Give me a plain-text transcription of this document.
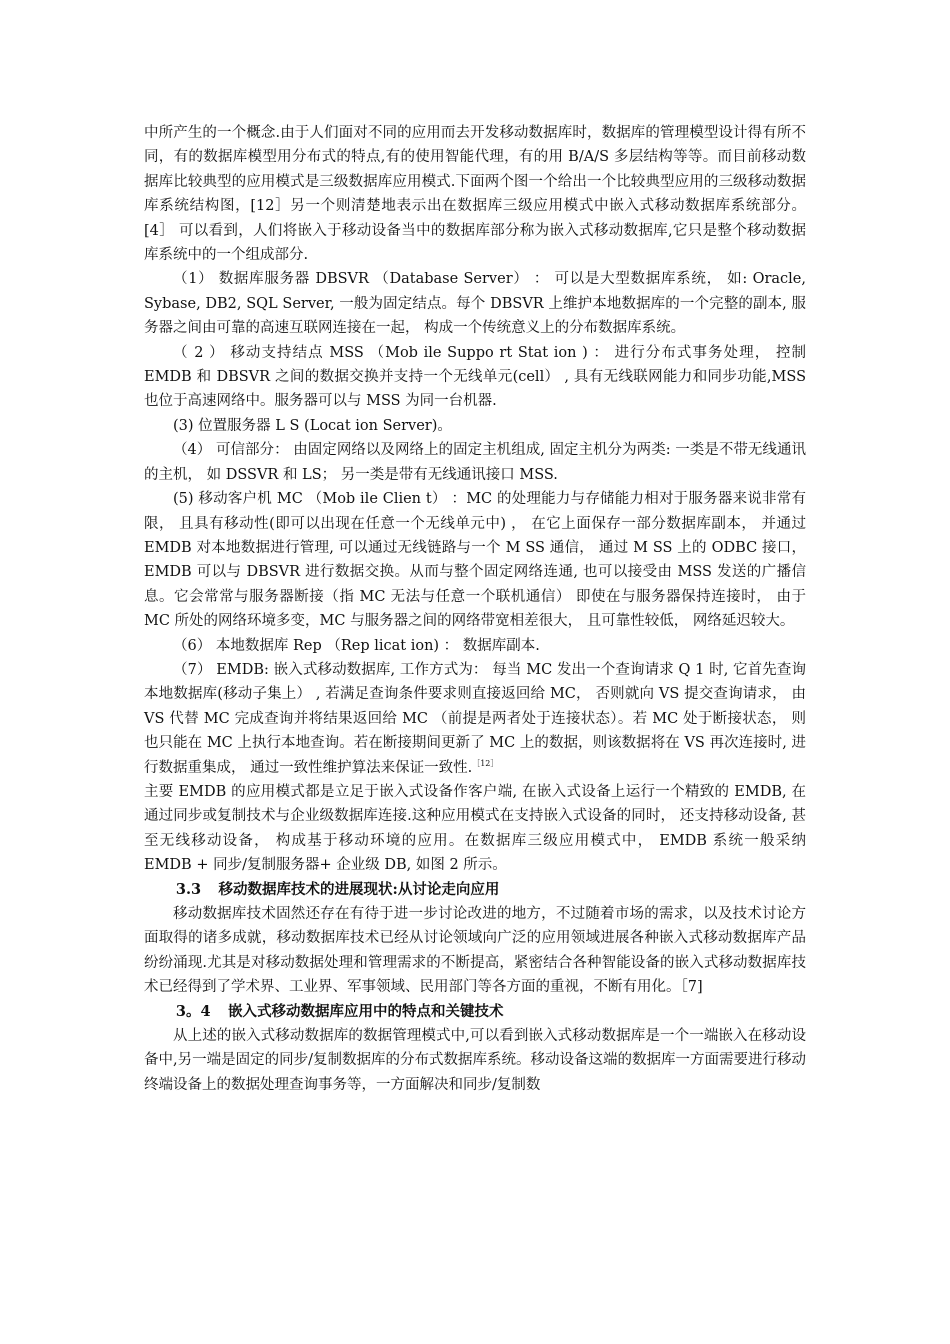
中所产生的一个概念.由于人们面对不同的应用而去开发移动数据库时，数据库的管理模型设计得有所不同，有的数据库模型用分布式的特点,有的使用智能代理，有的用 B/A/S 多层结构等等。而目前移动数据库比较典型的应用模式是三级数据库应用模式.下面两个图一个给出一个比较典型应用的三级移动数据库系统结构图，[12］另一个则清楚地表示出在数据库三级应用模式中嵌入式移动数据库系统部分。[4］ 可以看到，人们将嵌入于移动设备当中的数据库部分称为嵌入式移动数据库,它只是整个移动数据库系统中的一个组成部分.

（1） 数据库服务器 DBSVR （Database Server） ： 可以是大型数据库系统， 如: Oracle, Sybase, DB2, SQL Server, 一般为固定结点。每个 DBSVR 上维护本地数据库的一个完整的副本, 服务器之间由可靠的高速互联网连接在一起， 构成一个传统意义上的分布数据库系统。

（ 2 ） 移动支持结点 MSS （Mob ile Suppo rt Stat ion ) ： 进行分布式事务处理， 控制 EMDB 和 DBSVR 之间的数据交换并支持一个无线单元(cell） , 具有无线联网能力和同步功能,MSS 也位于高速网络中。服务器可以与 MSS 为同一台机器.

(3) 位置服务器 L S (Locat ion Server)。

（4） 可信部分： 由固定网络以及网络上的固定主机组成, 固定主机分为两类: 一类是不带无线通讯的主机， 如 DSSVR 和 LS； 另一类是带有无线通讯接口 MSS.

(5) 移动客户机 MC （Mob ile Clien t） ：MC 的处理能力与存储能力相对于服务器来说非常有限， 且具有移动性(即可以出现在任意一个无线单元中) ， 在它上面保存一部分数据库副本， 并通过 EMDB 对本地数据进行管理, 可以通过无线链路与一个 M SS 通信， 通过 M SS 上的 ODBC 接口， EMDB 可以与 DBSVR 进行数据交换。从而与整个固定网络连通, 也可以接受由 MSS 发送的广播信息。它会常常与服务器断接（指 MC 无法与任意一个联机通信） 即使在与服务器保持连接时， 由于 MC 所处的网络环境多变，MC 与服务器之间的网络带宽相差很大， 且可靠性较低， 网络延迟较大。

（6） 本地数据库 Rep （Rep licat ion) ： 数据库副本.

（7） EMDB: 嵌入式移动数据库, 工作方式为： 每当 MC 发出一个查询请求 Q 1 时, 它首先查询本地数据库(移动子集上） , 若满足查询条件要求则直接返回给 MC， 否则就向 VS 提交查询请求， 由 VS 代替 MC 完成查询并将结果返回给 MC （前提是两者处于连接状态）。若 MC 处于断接状态， 则也只能在 MC 上执行本地查询。若在断接期间更新了 MC 上的数据，则该数据将在 VS 再次连接时, 进行数据重集成， 通过一致性维护算法来保证一致性.$^{[12]}$

主要 EMDB 的应用模式都是立足于嵌入式设备作客户端, 在嵌入式设备上运行一个精致的 EMDB, 在通过同步或复制技术与企业级数据库连接.这种应用模式在支持嵌入式设备的同时， 还支持移动设备, 甚至无线移动设备， 构成基于移动环境的应用。在数据库三级应用模式中， EMDB 系统一般采纳 EMDB + 同步/复制服务器+ 企业级 DB, 如图 2 所示。

3.3 移动数据库技术的进展现状:从讨论走向应用

移动数据库技术固然还存在有待于进一步讨论改进的地方，不过随着市场的需求，以及技术讨论方面取得的诸多成就，移动数据库技术已经从讨论领域向广泛的应用领域进展各种嵌入式移动数据库产品纷纷涌现.尤其是对移动数据处理和管理需求的不断提高，紧密结合各种智能设备的嵌入式移动数据库技术已经得到了学术界、工业界、军事领域、民用部门等各方面的重视，不断有用化。［7]

3。4 嵌入式移动数据库应用中的特点和关键技术

从上述的嵌入式移动数据库的数据管理模式中,可以看到嵌入式移动数据库是一个一端嵌入在移动设备中,另一端是固定的同步/复制数据库的分布式数据库系统。移动设备这端的数据库一方面需要进行移动终端设备上的数据处理查询事务等，一方面解决和同步/复制数
